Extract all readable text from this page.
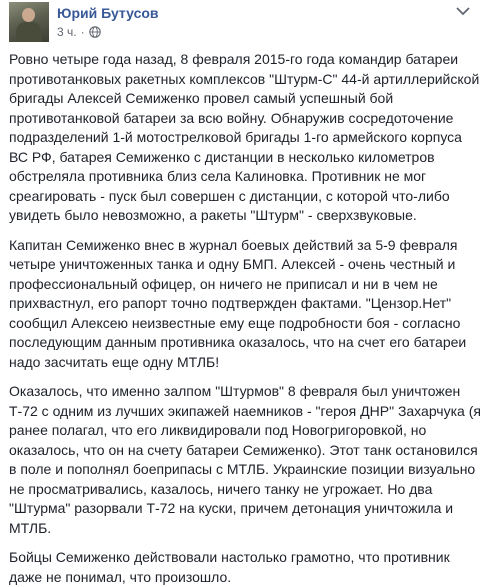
Юрий Бутусов
3 ч. ·

Ровно четыре года назад, 8 февраля 2015-го года командир батареи противотанковых ракетных комплексов "Штурм-С" 44-й артиллерийской бригады Алексей Семиженко провел самый успешный бой противотанковой батареи за всю войну. Обнаружив сосредоточение подразделений 1-й мотострелковой бригады 1-го армейского корпуса ВС РФ, батарея Семиженко с дистанции в несколько километров обстреляла противника близ села Калиновка. Противник не мог среагировать - пуск был совершен с дистанции, с которой что-либо увидеть было невозможно, а ракеты "Штурм" - сверхзвуковые.

Капитан Семиженко внес в журнал боевых действий за 5-9 февраля четыре уничтоженных танка и одну БМП. Алексей - очень честный и профессиональный офицер, он ничего не приписал и ни в чем не прихвастнул, его рапорт точно подтвержден фактами. "Цензор.Нет" сообщил Алексею неизвестные ему еще подробности боя - согласно последующим данным противника оказалось, что на счет его батареи надо засчитать еще одну МТЛБ!

Оказалось, что именно залпом "Штурмов" 8 февраля был уничтожен Т-72 с одним из лучших экипажей наемников - "героя ДНР" Захарчука (я ранее полагал, что его ликвидировали под Новогригоровкой, но оказалось, что он на счету батареи Семиженко). Этот танк остановился в поле и пополнял боеприпасы с МТЛБ. Украинские позиции визуально не просматривались, казалось, ничего танку не угрожает. Но два "Штурма" разорвали Т-72 на куски, причем детонация уничтожила и МТЛБ.

Бойцы Семиженко действовали настолько грамотно, что противник даже не понимал, что произошло.
